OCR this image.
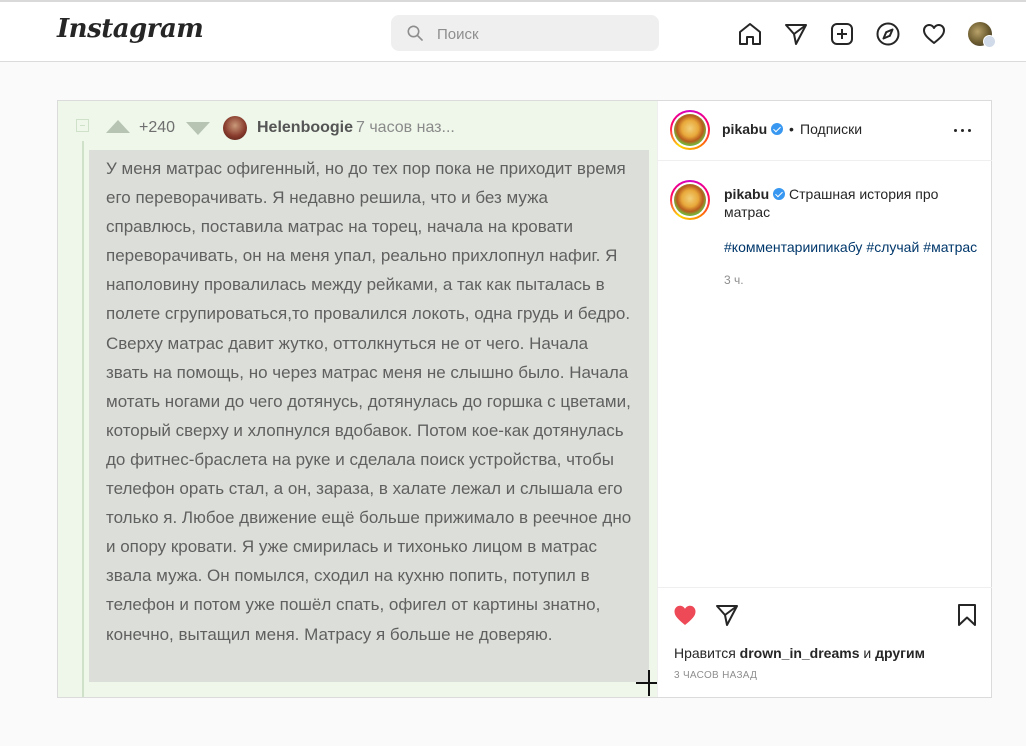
Instagram
Поиск
+240	Helenboogie 7 часов наз...
У меня матрас офигенный, но до тех пор пока не приходит время его переворачивать. Я недавно решила, что и без мужа справлюсь, поставила матрас на торец, начала на кровати переворачивать, он на меня упал, реально прихлопнул нафиг. Я наполовину провалилась между рейками, а так как пыталась в полете сгрупироваться,то провалился локоть, одна грудь и бедро. Сверху матрас давит жутко, оттолкнуться не от чего. Начала звать на помощь, но через матрас меня не слышно было. Начала мотать ногами до чего дотянусь, дотянулась до горшка с цветами, который сверху и хлопнулся вдобавок. Потом кое-как дотянулась до фитнес-браслета на руке и сделала поиск устройства, чтобы телефон орать стал, а он, зараза, в халате лежал и слышала его только я. Любое движение ещё больше прижимало в реечное дно и опору кровати. Я уже смирилась и тихонько лицом в матрас звала мужа. Он помылся, сходил на кухню попить, потупил в телефон и потом уже пошёл спать, офигел от картины знатно, конечно, вытащил меня. Матрасу я больше не доверяю.
pikabu	• Подписки
pikabu Страшная история про матрас
#комментариипикабу #случай #матрас
3 ч.
Нравится drown_in_dreams и другим
3 ЧАСОВ НАЗАД
